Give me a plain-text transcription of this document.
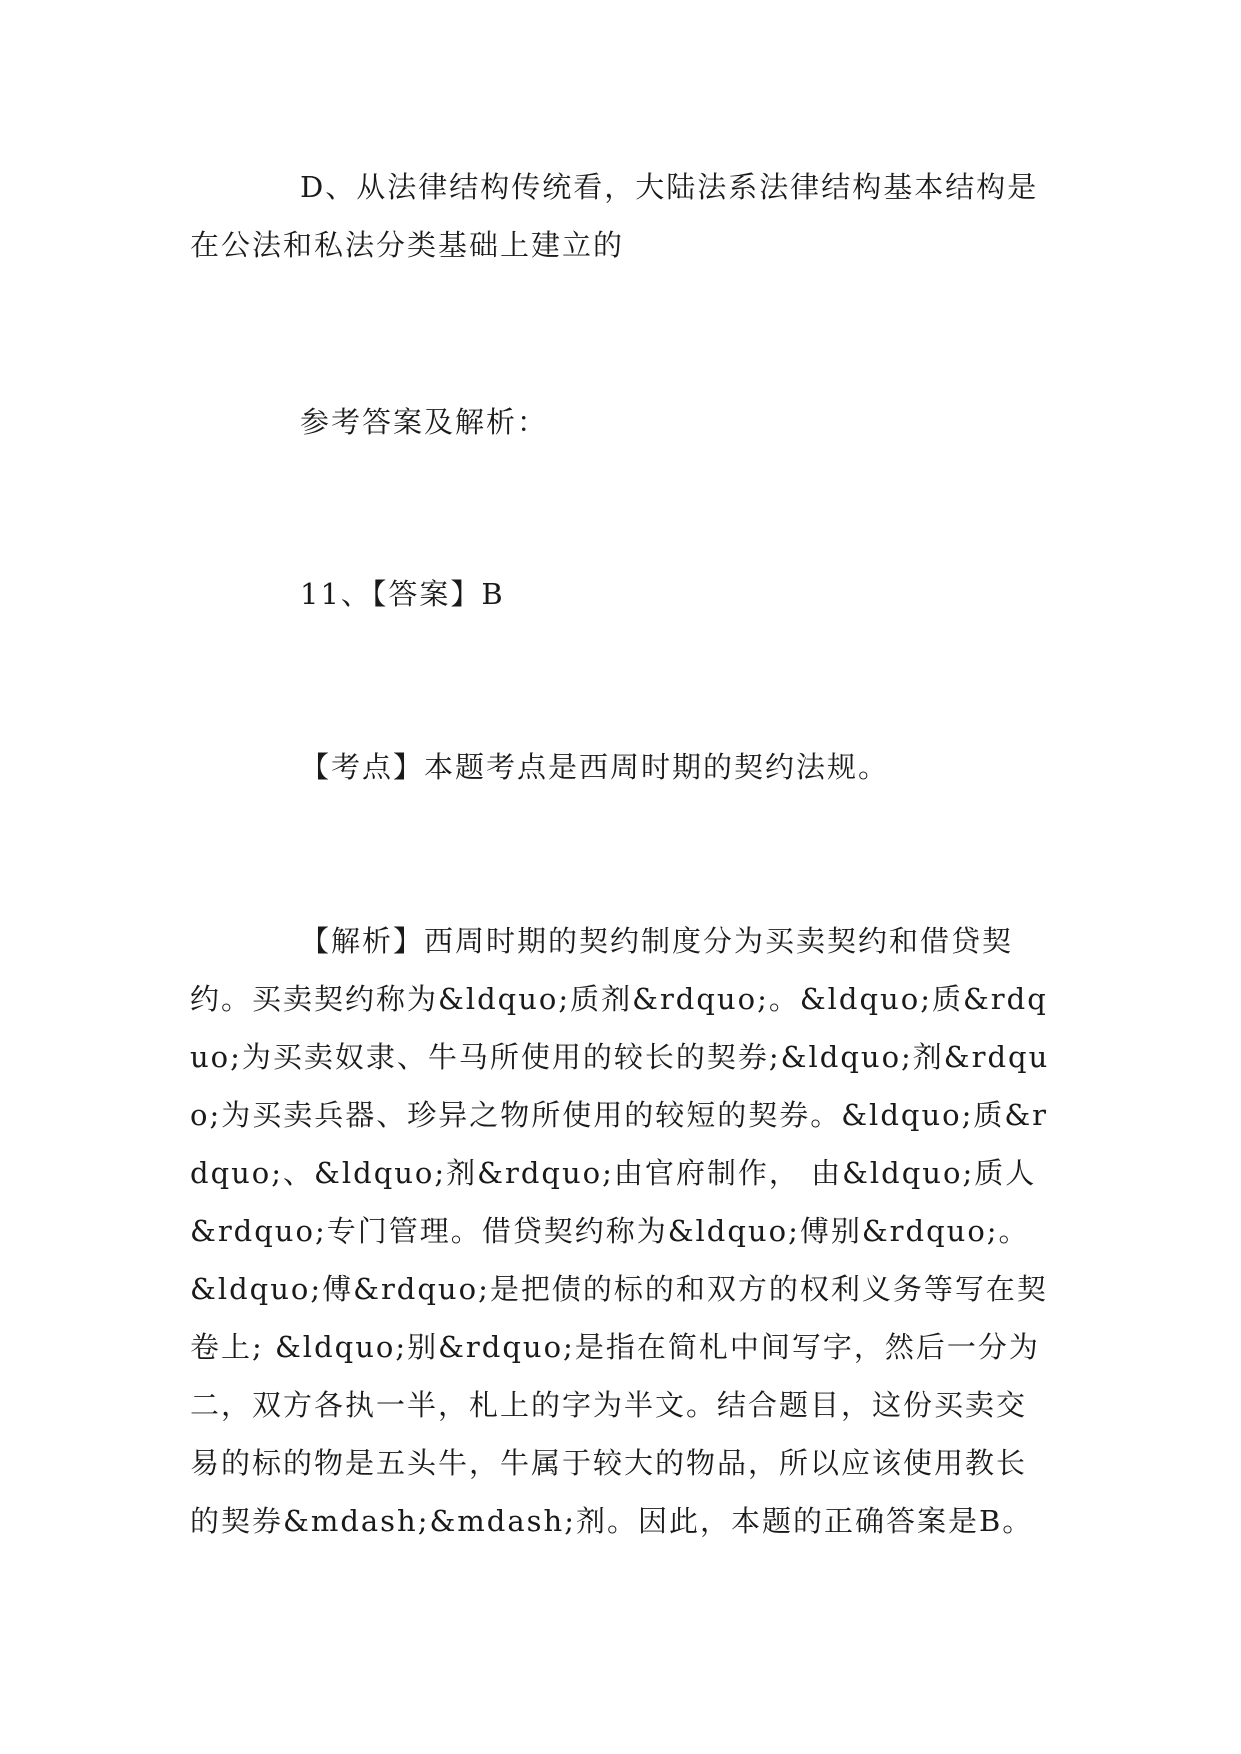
D、从法律结构传统看，大陆法系法律结构基本结构是在公法和私法分类基础上建立的

参考答案及解析：

11、【答案】B

【考点】本题考点是西周时期的契约法规。

【解析】西周时期的契约制度分为买卖契约和借贷契约。买卖契约称为&ldquo;质剂&rdquo;。&ldquo;质&rdquo;为买卖奴隶、牛马所使用的较长的契券;&ldquo;剂&rdquo;为买卖兵器、珍异之物所使用的较短的契券。&ldquo;质&rdquo;、&ldquo;剂&rdquo;由官府制作， 由&ldquo;质人&rdquo;专门管理。借贷契约称为&ldquo;傅别&rdquo;。&ldquo;傅&rdquo;是把债的标的和双方的权利义务等写在契卷上; &ldquo;别&rdquo;是指在简札中间写字，然后一分为二，双方各执一半，札上的字为半文。结合题目，这份买卖交易的标的物是五头牛，牛属于较大的物品，所以应该使用教长的契券&mdash;&mdash;剂。因此，本题的正确答案是B。
